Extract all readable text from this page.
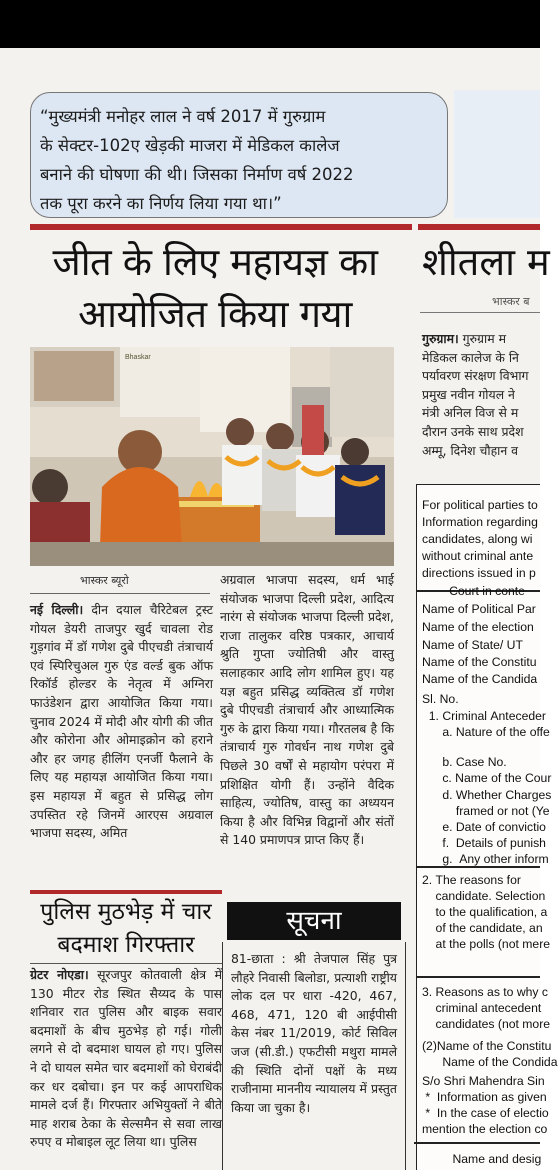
“मुख्यमंत्री मनोहर लाल ने वर्ष 2017 में गुरुग्राम
के सेक्टर-102ए खेड़की माजरा में मेडिकल कालेज
बनाने की घोषणा की थी। जिसका निर्माण वर्ष 2022
तक पूरा करने का निर्णय लिया गया था।”
जीत के लिए महायज्ञ का
आयोजित किया गया
शीतला म
भास्कर ब
गुरुग्राम। गुरुग्राम म
मेडिकल कालेज के नि
पर्यावरण संरक्षण विभाग
प्रमुख नवीन गोयल ने
मंत्री अनिल विज से म
दौरान उनके साथ प्रदेश
अम्मू, दिनेश चौहान व
Bhaskar
भास्कर ब्यूरो
नई दिल्ली। दीन दयाल चैरिटेबल ट्रस्ट गोयल डेयरी ताजपुर खुर्द चावला रोड गुड़गांव में डॉ गणेश दुबे पीएचडी तंत्राचार्य एवं स्पिरिचुअल गुरु एंड वर्ल्ड बुक ऑफ रिकॉर्ड होल्डर के नेतृत्व में अग्निरा फाउंडेशन द्वारा आयोजित किया गया। चुनाव 2024 में मोदी और योगी की जीत और कोरोना और ओमाइक्रोन को हराने और हर जगह हीलिंग एनर्जी फैलाने के लिए यह महायज्ञ आयोजित किया गया। इस महायज्ञ में बहुत से प्रसिद्ध लोग उपस्तित रहे जिनमें आरएस अग्रवाल भाजपा सदस्य, अमित
अग्रवाल भाजपा सदस्य, धर्म भाई संयोजक भाजपा दिल्ली प्रदेश, आदित्य नारंग से संयोजक भाजपा दिल्ली प्रदेश, राजा तालुकर वरिष्ठ पत्रकार, आचार्य श्रुति गुप्ता ज्योतिषी और वास्तु सलाहकार आदि लोग शामिल हुए। यह यज्ञ बहुत प्रसिद्ध व्यक्तित्व डॉ गणेश दुबे पीएचडी तंत्राचार्य और आध्यात्मिक गुरु के द्वारा किया गया। गौरतलब है कि तंत्राचार्य गुरु गोवर्धन नाथ गणेश दुबे पिछले 30 वर्षों से महायोग परंपरा में प्रशिक्षित योगी हैं। उन्होंने वैदिक साहित्य, ज्योतिष, वास्तु का अध्ययन किया है और विभिन्न विद्वानों और संतों से 140 प्रमाणपत्र प्राप्त किए हैं।
पुलिस मुठभेड़ में चार
बदमाश गिरफ्तार
ग्रेटर नोएडा। सूरजपुर कोतवाली क्षेत्र में 130 मीटर रोड स्थित सैय्यद के पास शनिवार रात पुलिस और बाइक सवार बदमाशों के बीच मुठभेड़ हो गई। गोली लगने से दो बदमाश घायल हो गए। पुलिस ने दो घायल समेत चार बदमाशों को घेराबंदी कर धर दबोचा। इन पर कई आपराधिक मामले दर्ज हैं। गिरफ्तार अभियुक्तों ने बीते माह शराब ठेका के सेल्समैन से सवा लाख रुपए व मोबाइल लूट लिया था। पुलिस
सूचना
81-छाता : श्री तेजपाल सिंह पुत्र लौहरे निवासी बिलोडा, प्रत्याशी राष्ट्रीय लोक दल पर धारा -420, 467, 468, 471, 120 बी आईपीसी केस नंबर 11/2019, कोर्ट सिविल जज (सी.डी.) एफटीसी मथुरा मामले की स्थिति दोनों पक्षों के मध्य राजीनामा माननीय न्यायालय में प्रस्तुत किया जा चुका है।
For political parties to
Information regarding
candidates, along wi
without criminal ante
directions issued in p
Court in conte
Name of Political Par
Name of the election
Name of State/ UT
Name of the Constitu
Name of the Candida
Sl. No.
1. Criminal Anteceder
a. Nature of the offe
b. Case No.
c. Name of the Cour
d. Whether Charges
framed or not (Ye
e. Date of convictio
f.  Details of punish
g.  Any other inform
2. The reasons for
candidate. Selection
to the qualification, a
of the candidate, an
at the polls (not mere
3. Reasons as to why c
criminal antecedent
candidates (not more
(2)Name of the Constitu
Name of the Condida
S/o Shri Mahendra Sin
*  Information as given
*  In the case of electio
mention the election co
Name and desig
